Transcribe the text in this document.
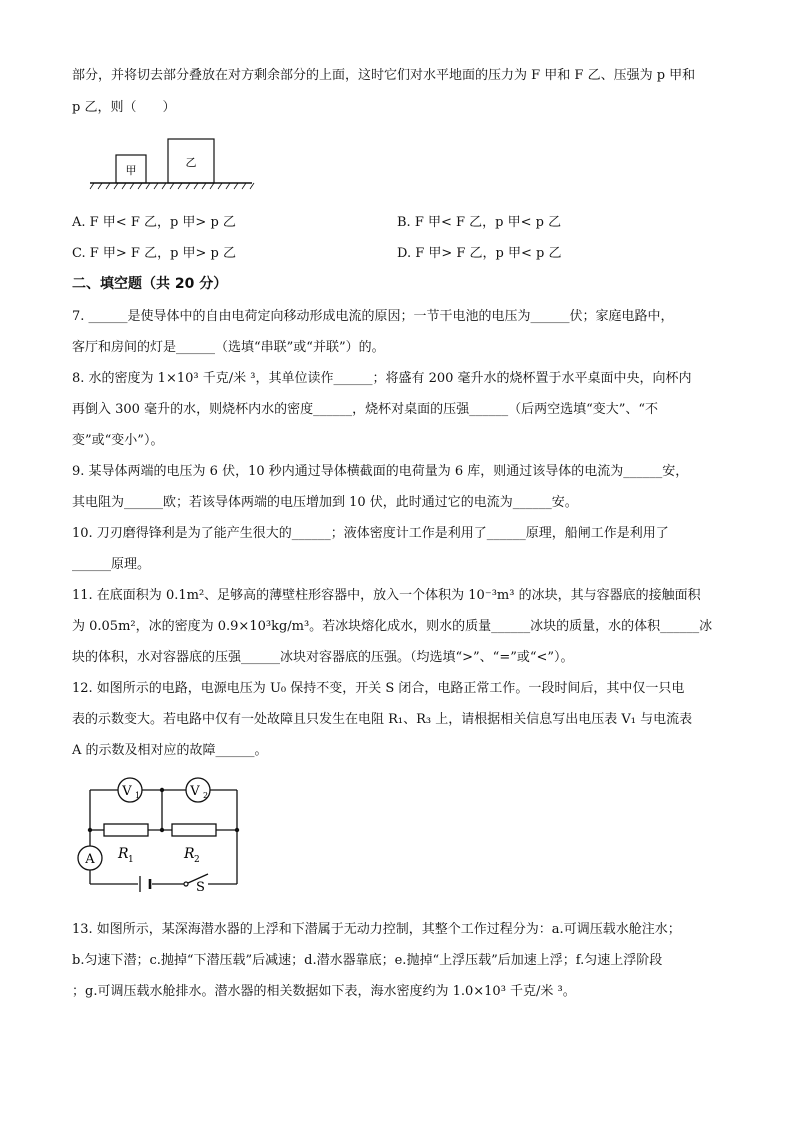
部分，并将切去部分叠放在对方剩余部分的上面，这时它们对水平地面的压力为 F 甲和 F 乙、压强为 p 甲和
p 乙，则（　　）
甲
乙
A. F 甲< F 乙，p 甲> p 乙	B. F 甲< F 乙，p 甲< p 乙
C. F 甲> F 乙，p 甲> p 乙	D. F 甲> F 乙，p 甲< p 乙
二、填空题（共 20 分）
7. ______是使导体中的自由电荷定向移动形成电流的原因；一节干电池的电压为______伏；家庭电路中，
客厅和房间的灯是______（选填“串联”或“并联”）的。
8. 水的密度为 1×10³ 千克/米 ³，其单位读作______；将盛有 200 毫升水的烧杯置于水平桌面中央，向杯内
再倒入 300 毫升的水，则烧杯内水的密度______，烧杯对桌面的压强______（后两空选填“变大”、“不
变”或“变小”）。
9. 某导体两端的电压为 6 伏，10 秒内通过导体横截面的电荷量为 6 库，则通过该导体的电流为______安，
其电阻为______欧；若该导体两端的电压增加到 10 伏，此时通过它的电流为______安。
10. 刀刃磨得锋利是为了能产生很大的______；液体密度计工作是利用了______原理，船闸工作是利用了
______原理。
11. 在底面积为 0.1m²、足够高的薄壁柱形容器中，放入一个体积为 10⁻³m³ 的冰块，其与容器底的接触面积
为 0.05m²，冰的密度为 0.9×10³kg/m³。若冰块熔化成水，则水的质量______冰块的质量，水的体积______冰
块的体积，水对容器底的压强______冰块对容器底的压强。（均选填“>”、“=”或“<”）。
12. 如图所示的电路，电源电压为 U₀ 保持不变，开关 S 闭合，电路正常工作。一段时间后，其中仅一只电
表的示数变大。若电路中仅有一处故障且只发生在电阻 R₁、R₃ 上，请根据相关信息写出电压表 V₁ 与电流表
A 的示数及相对应的故障______。
V 1	V 2
R 1	R 2
A
S
13. 如图所示，某深海潜水器的上浮和下潜属于无动力控制，其整个工作过程分为：a.可调压载水舱注水；
b.匀速下潜；c.抛掉“下潜压载”后减速；d.潜水器靠底；e.抛掉“上浮压载”后加速上浮；f.匀速上浮阶段
；g.可调压载水舱排水。潜水器的相关数据如下表，海水密度约为 1.0×10³ 千克/米 ³。
